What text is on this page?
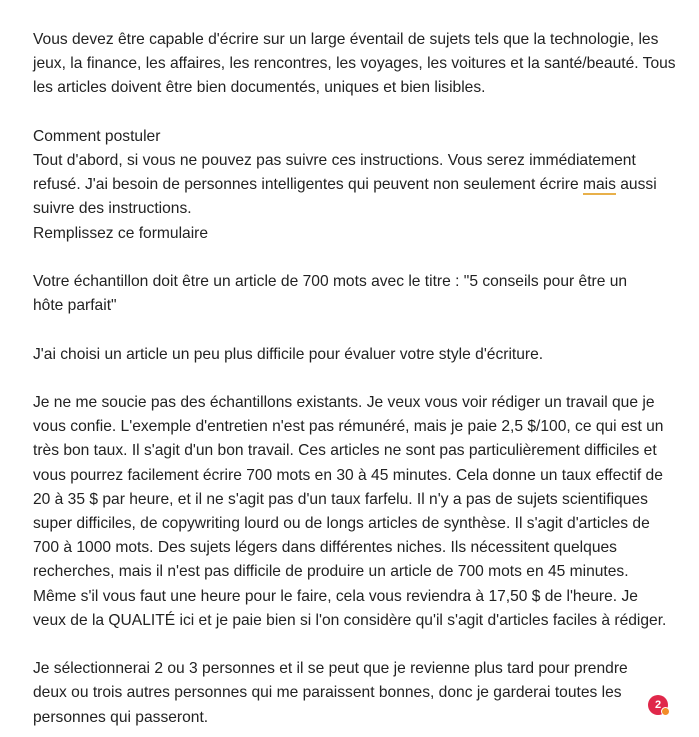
Vous devez être capable d'écrire sur un large éventail de sujets tels que la technologie, les
jeux, la finance, les affaires, les rencontres, les voyages, les voitures et la santé/beauté. Tous
les articles doivent être bien documentés, uniques et bien lisibles.

Comment postuler
Tout d'abord, si vous ne pouvez pas suivre ces instructions. Vous serez immédiatement
refusé. J'ai besoin de personnes intelligentes qui peuvent non seulement écrire mais aussi
suivre des instructions.
Remplissez ce formulaire

Votre échantillon doit être un article de 700 mots avec le titre : "5 conseils pour être un
hôte parfait"

J'ai choisi un article un peu plus difficile pour évaluer votre style d'écriture.

Je ne me soucie pas des échantillons existants. Je veux vous voir rédiger un travail que je
vous confie. L'exemple d'entretien n'est pas rémunéré, mais je paie 2,5 $/100, ce qui est un
très bon taux. Il s'agit d'un bon travail. Ces articles ne sont pas particulièrement difficiles et
vous pourrez facilement écrire 700 mots en 30 à 45 minutes. Cela donne un taux effectif de
20 à 35 $ par heure, et il ne s'agit pas d'un taux farfelu. Il n'y a pas de sujets scientifiques
super difficiles, de copywriting lourd ou de longs articles de synthèse. Il s'agit d'articles de
700 à 1000 mots. Des sujets légers dans différentes niches. Ils nécessitent quelques
recherches, mais il n'est pas difficile de produire un article de 700 mots en 45 minutes.
Même s'il vous faut une heure pour le faire, cela vous reviendra à 17,50 $ de l'heure. Je
veux de la QUALITÉ ici et je paie bien si l'on considère qu'il s'agit d'articles faciles à rédiger.

Je sélectionnerai 2 ou 3 personnes et il se peut que je revienne plus tard pour prendre
deux ou trois autres personnes qui me paraissent bonnes, donc je garderai toutes les
personnes qui passeront.

2
